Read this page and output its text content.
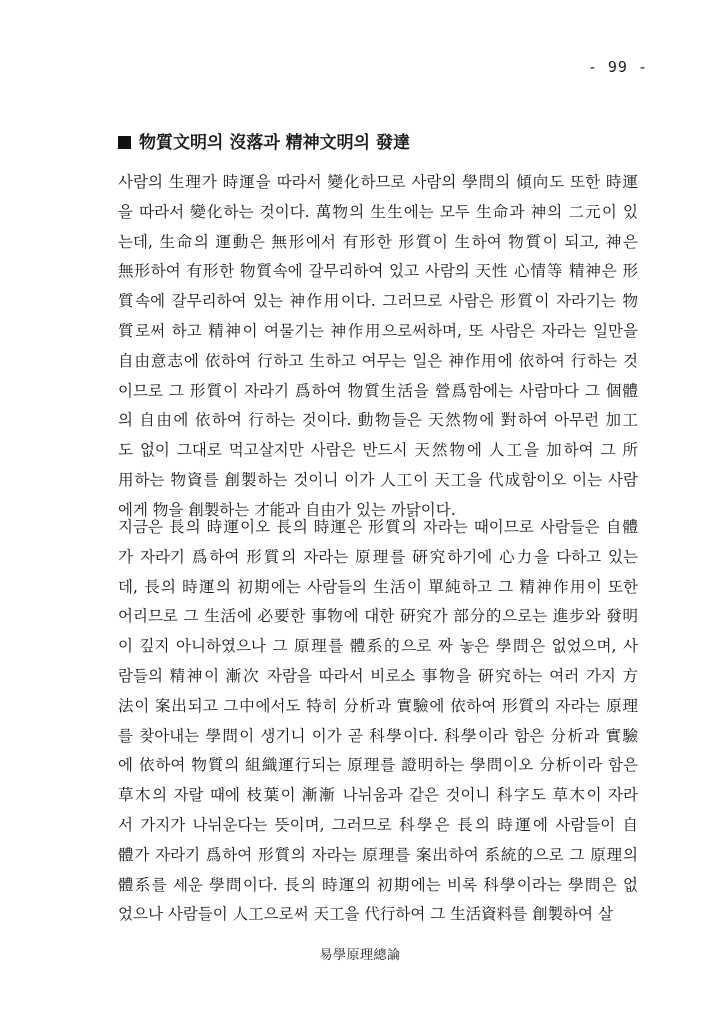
- 99 -
物質文明의 沒落과 精神文明의 發達
사람의 生理가 時運을 따라서 變化하므로 사람의 學問의 傾向도 또한 時運
을 따라서 變化하는 것이다. 萬物의 生生에는 모두 生命과 神의 二元이 있
는데, 生命의 運動은 無形에서 有形한 形質이 生하여 物質이 되고, 神은
無形하여 有形한 物質속에 갈무리하여 있고 사람의 天性 心情等 精神은 形
質속에 갈무리하여 있는 神作用이다. 그러므로 사람은 形質이 자라기는 物
質로써 하고 精神이 여물기는 神作用으로써하며, 또 사람은 자라는 일만을
自由意志에 依하여 行하고 生하고 여무는 일은 神作用에 依하여 行하는 것
이므로 그 形質이 자라기 爲하여 物質生活을 營爲함에는 사람마다 그 個體
의 自由에 依하여 行하는 것이다. 動物들은 天然物에 對하여 아무런 加工
도 없이 그대로 먹고살지만 사람은 반드시 天然物에 人工을 加하여 그 所
用하는 物資를 創製하는 것이니 이가 人工이 天工을 代成함이오 이는 사람
에게 物을 創製하는 才能과 自由가 있는 까닭이다.
지금은 長의 時運이오 長의 時運은 形質의 자라는 때이므로 사람들은 自體
가 자라기 爲하여 形質의 자라는 原理를 硏究하기에 心力을 다하고 있는
데, 長의 時運의 初期에는 사람들의 生活이 單純하고 그 精神作用이 또한
어리므로 그 生活에 必要한 事物에 대한 硏究가 部分的으로는 進步와 發明
이 깊지 아니하였으나 그 原理를 體系的으로 짜 놓은 學問은 없었으며, 사
람들의 精神이 漸次 자람을 따라서 비로소 事物을 硏究하는 여러 가지 方
法이 案出되고 그中에서도 特히 分析과 實驗에 依하여 形質의 자라는 原理
를 찾아내는 學問이 생기니 이가 곧 科學이다. 科學이라 함은 分析과 實驗
에 依하여 物質의 組織運行되는 原理를 證明하는 學問이오 分析이라 함은
草木의 자랄 때에 枝葉이 漸漸 나뉘움과 같은 것이니 科字도 草木이 자라
서 가지가 나뉘운다는 뜻이며, 그러므로 科學은 長의 時運에 사람들이 自
體가 자라기 爲하여 形質의 자라는 原理를 案出하여 系統的으로 그 原理의
體系를 세운 學問이다. 長의 時運의 初期에는 비록 科學이라는 學問은 없
었으나 사람들이 人工으로써 天工을 代行하여 그 生活資料를 創製하여 살
易學原理總論
